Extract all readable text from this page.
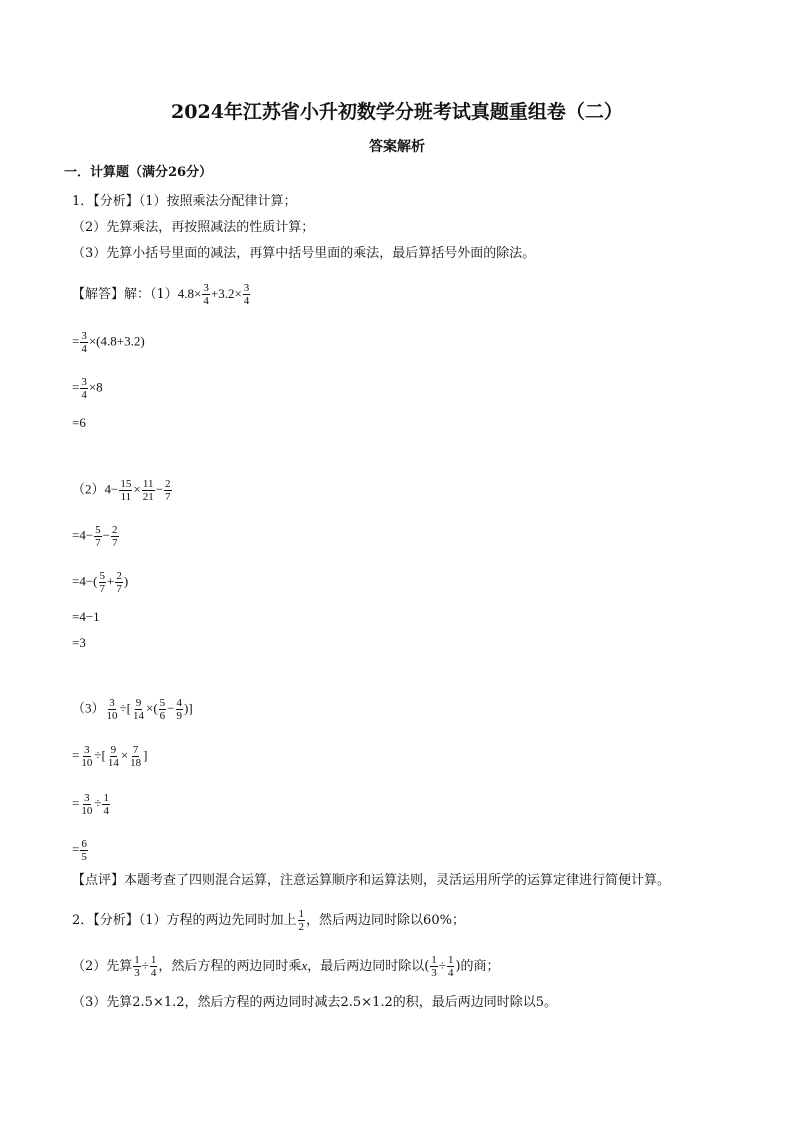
2024年江苏省小升初数学分班考试真题重组卷（二）
答案解析
一．计算题（满分26分）
1．【分析】（1）按照乘法分配律计算；
（2）先算乘法，再按照减法的性质计算；
（3）先算小括号里面的减法，再算中括号里面的乘法，最后算括号外面的除法。
【解答】解：$(1)4.8\times \frac{3}{4} +3.2\times \frac{3}{4}$
= $\frac{3}{4} \times(4.8+3.2)$
= $\frac{3}{4} \times 8$
=6
$(2)4- \frac{15}{11} \times \frac{11}{21} - \frac{2}{7}$
$=4- \frac{5}{7} - \frac{2}{7}$
$=4-( \frac{5}{7} + \frac{2}{7}$ )
=4−1
=3
$(3) \frac{3}{10}$ ÷[ $\frac{9}{14}$ ×( $\frac{5}{6} - \frac{4}{9}$ )]
= $\frac{3}{10}$ ÷[ $\frac{9}{14} \times \frac{7}{18}$ ]
= $\frac{3}{10} \div \frac{1}{4}$
= $\frac{6}{5}$
【点评】本题考查了四则混合运算，注意运算顺序和运算法则，灵活运用所学的运算定律进行简便计算。
2．【分析】（1）方程的两边先同时加上 $\frac{1}{2}$ ，然后两边同时除以60%；
（2）先算 $\frac{1}{3} \div \frac{1}{4}$ ，然后方程的两边同时乘x，最后两边同时除以( $\frac{1}{3} \div \frac{1}{4}$ )的商；
（3）先算2.5×1.2，然后方程的两边同时减去2.5×1.2的积，最后两边同时除以5。
